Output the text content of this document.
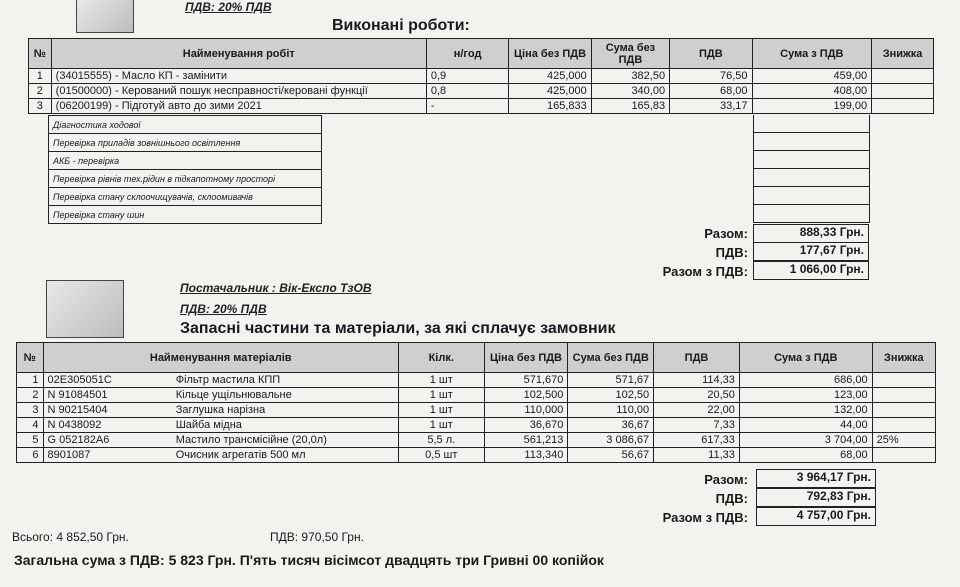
ПДВ: 20% ПДВ
Виконані роботи:
№	Найменування робіт	н/год	Ціна без ПДВ	Сума без ПДВ	ПДВ	Сума з ПДВ	Знижка
1	(34015555) - Масло КП - замінити	0,9	425,000	382,50	76,50	459,00	
2	(01500000) - Керований пошук несправності/керовані функції	0,8	425,000	340,00	68,00	408,00	
3	(06200199) - Підготуй авто до зими 2021	-	165,833	165,83	33,17	199,00	
Діагностика ходової
Перевірка приладів зовнішнього освітлення
АКБ - перевірка
Перевірка рівнів тех.рідин в підкапотному просторі
Перевірка стану склоочищувачів, склоомивачів
Перевірка стану шин
Разом:	888,33 Грн.
ПДВ:	177,67 Грн.
Разом з ПДВ:	1 066,00 Грн.
Постачальник : Вік-Експо ТзОВ
ПДВ: 20% ПДВ
Запасні частини та матеріали, за які сплачує замовник
№	Найменування матеріалів		Кілк.	Ціна без ПДВ	Сума без ПДВ	ПДВ	Сума з ПДВ	Знижка
1	02E305051C	Фільтр мастила КПП	1 шт	571,670	571,67	114,33	686,00	
2	N 91084501	Кільце ущільнювальне	1 шт	102,500	102,50	20,50	123,00	
3	N 90215404	Заглушка нарізна	1 шт	110,000	110,00	22,00	132,00	
4	N 0438092	Шайба мідна	1 шт	36,670	36,67	7,33	44,00	
5	G 052182A6	Мастило трансмісійне (20,0л)	5,5 л.	561,213	3 086,67	617,33	3 704,00	25%
6	8901087	Очисник агрегатів 500 мл	0,5 шт	113,340	56,67	11,33	68,00	
Разом:	3 964,17 Грн.
ПДВ:	792,83 Грн.
Разом з ПДВ:	4 757,00 Грн.
Всього: 4 852,50 Грн.	ПДВ: 970,50 Грн.
Загальна сума з ПДВ: 5 823 Грн. П'ять тисяч вісімсот двадцять три Гривні 00 копійок
